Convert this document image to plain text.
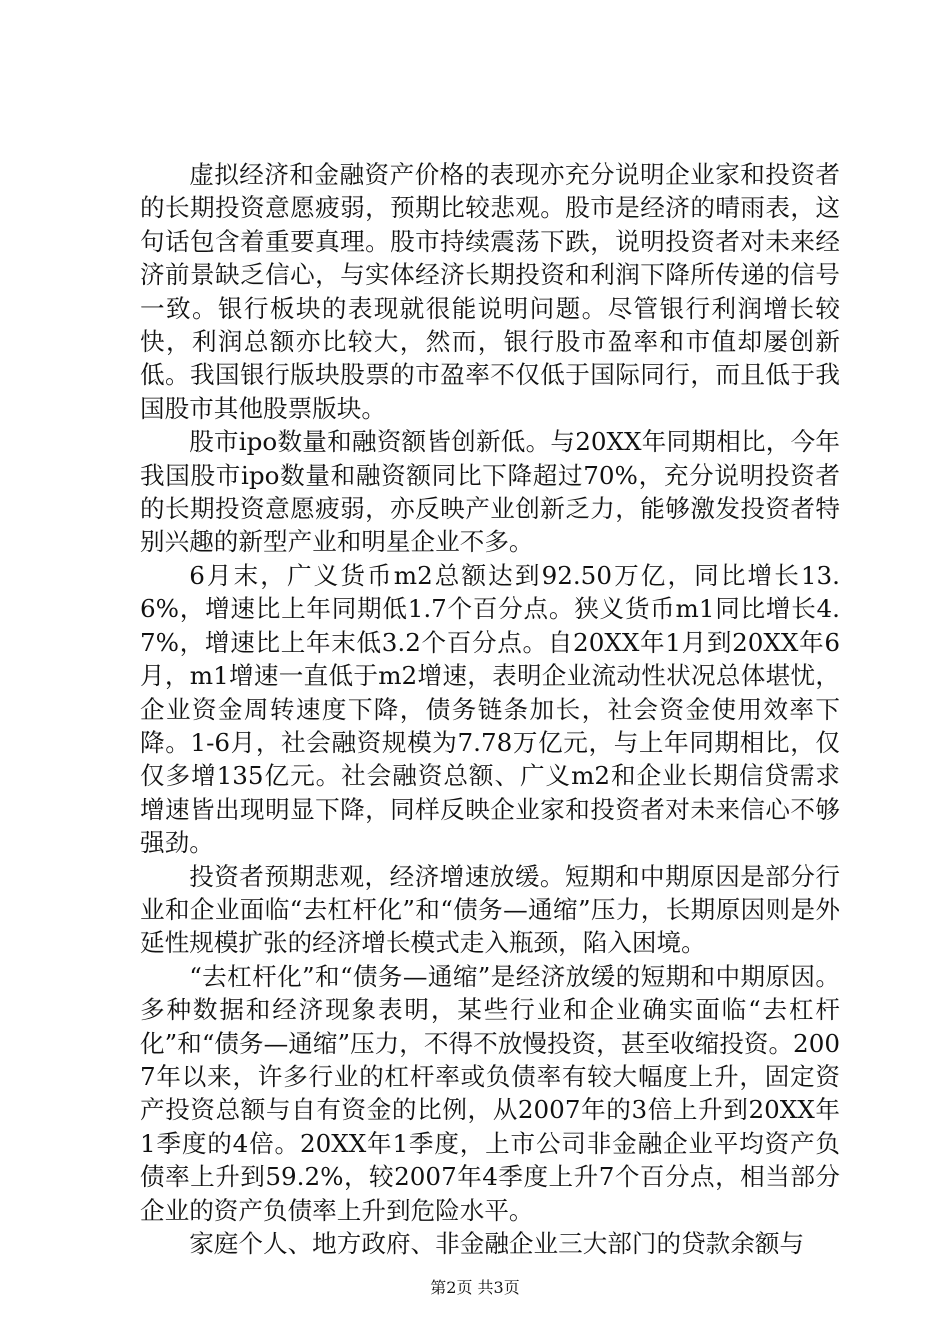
虚拟经济和金融资产价格的表现亦充分说明企业家和投资者的长期投资意愿疲弱，预期比较悲观。股市是经济的晴雨表，这句话包含着重要真理。股市持续震荡下跌，说明投资者对未来经济前景缺乏信心，与实体经济长期投资和利润下降所传递的信号一致。银行板块的表现就很能说明问题。尽管银行利润增长较快，利润总额亦比较大，然而，银行股市盈率和市值却屡创新低。我国银行版块股票的市盈率不仅低于国际同行，而且低于我国股市其他股票版块。

股市ipo数量和融资额皆创新低。与20XX年同期相比，今年我国股市ipo数量和融资额同比下降超过70%，充分说明投资者的长期投资意愿疲弱，亦反映产业创新乏力，能够激发投资者特别兴趣的新型产业和明星企业不多。

6月末，广义货币m2总额达到92.50万亿，同比增长13.6%，增速比上年同期低1.7个百分点。狭义货币m1同比增长4.7%，增速比上年末低3.2个百分点。自20XX年1月到20XX年6月，m1增速一直低于m2增速，表明企业流动性状况总体堪忧，企业资金周转速度下降，债务链条加长，社会资金使用效率下降。1-6月，社会融资规模为7.78万亿元，与上年同期相比，仅仅多增135亿元。社会融资总额、广义m2和企业长期信贷需求增速皆出现明显下降，同样反映企业家和投资者对未来信心不够强劲。

投资者预期悲观，经济增速放缓。短期和中期原因是部分行业和企业面临“去杠杆化”和“债务—通缩”压力，长期原因则是外延性规模扩张的经济增长模式走入瓶颈，陷入困境。

“去杠杆化”和“债务—通缩”是经济放缓的短期和中期原因。多种数据和经济现象表明，某些行业和企业确实面临“去杠杆化”和“债务—通缩”压力，不得不放慢投资，甚至收缩投资。2007年以来，许多行业的杠杆率或负债率有较大幅度上升，固定资产投资总额与自有资金的比例，从2007年的3倍上升到20XX年1季度的4倍。20XX年1季度，上市公司非金融企业平均资产负债率上升到59.2%，较2007年4季度上升7个百分点，相当部分企业的资产负债率上升到危险水平。

家庭个人、地方政府、非金融企业三大部门的贷款余额与

第2页 共3页
